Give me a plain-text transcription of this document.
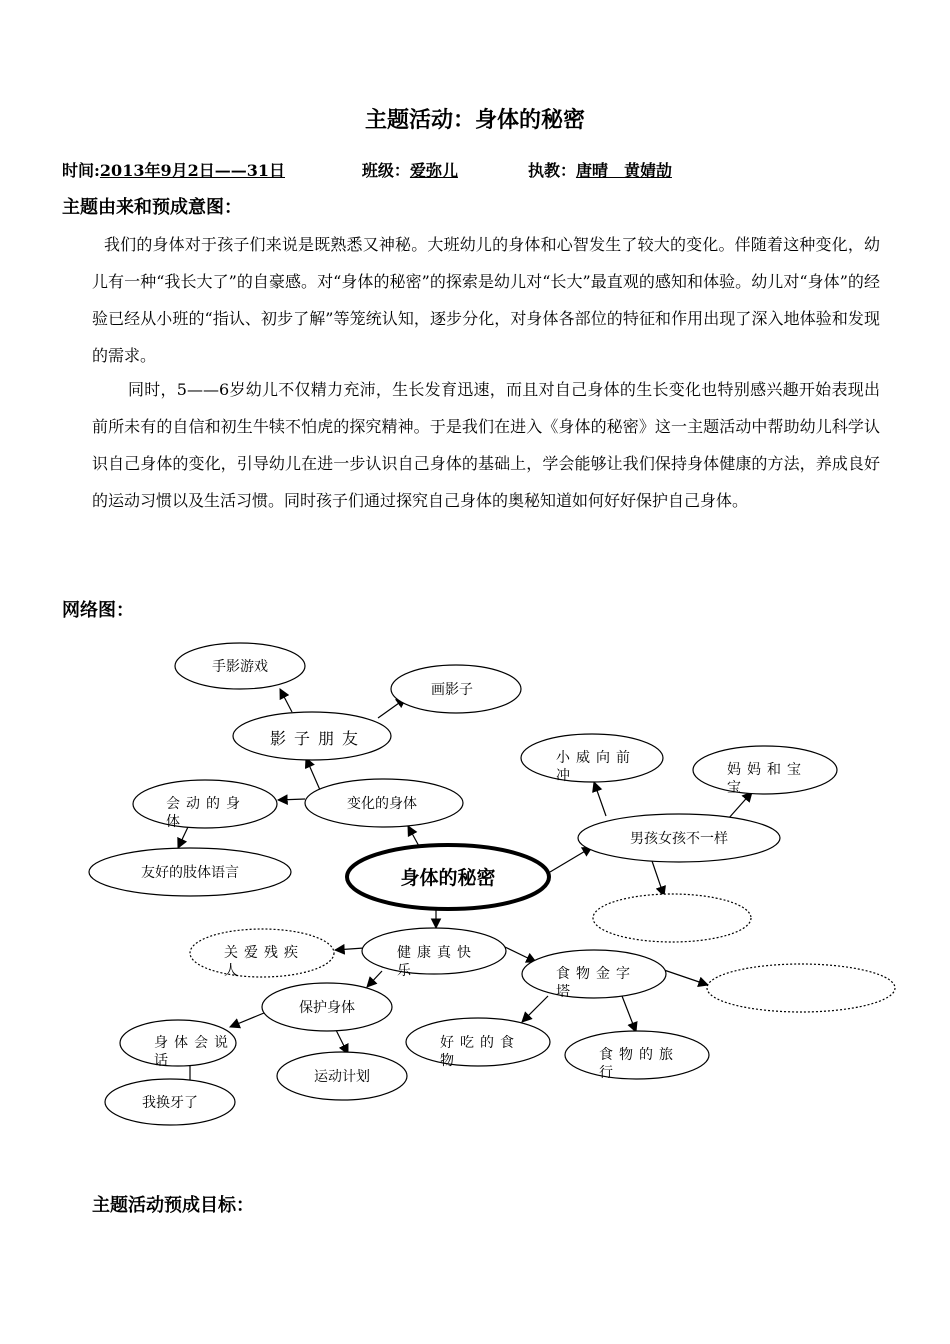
主题活动：身体的秘密
时间:2013年9月2日——31日	班级：爱弥儿	执教：唐晴　黄婧劼
主题由来和预成意图：
我们的身体对于孩子们来说是既熟悉又神秘。大班幼儿的身体和心智发生了较大的变化。伴随着这种变化，幼儿有一种“我长大了”的自豪感。对“身体的秘密”的探索是幼儿对“长大”最直观的感知和体验。幼儿对“身体”的经验已经从小班的“指认、初步了解”等笼统认知，逐步分化，对身体各部位的特征和作用出现了深入地体验和发现的需求。
同时，5——6岁幼儿不仅精力充沛，生长发育迅速，而且对自己身体的生长变化也特别感兴趣开始表现出前所未有的自信和初生牛犊不怕虎的探究精神。于是我们在进入《身体的秘密》这一主题活动中帮助幼儿科学认识自己身体的变化，引导幼儿在进一步认识自己身体的基础上，学会能够让我们保持身体健康的方法，养成良好的运动习惯以及生活习惯。同时孩子们通过探究自己身体的奥秘知道如何好好保护自己身体。
网络图：
身体的秘密
变化的身体
手影游戏
画影子
友好的肢体语言
男孩女孩不一样
保护身体
我换牙了
运动计划
影子朋友
会动的身体
小威向前冲	妈妈和宝宝
健康真快乐
关爱残疾人
身体会说话
食物金字塔
好吃的食物	食物的旅行
主题活动预成目标：
